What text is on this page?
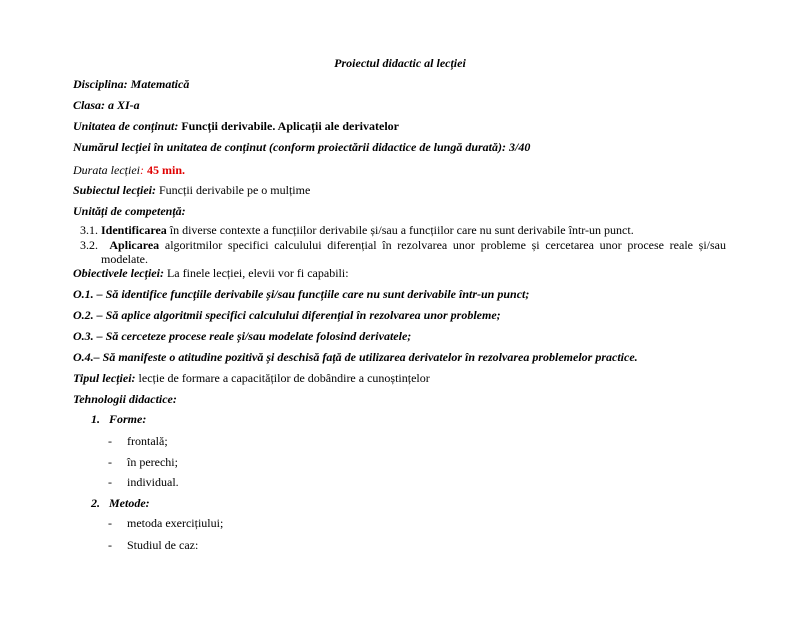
Proiectul didactic al lecției
Disciplina: Matematică
Clasa: a XI-a
Unitatea de conținut: Funcții derivabile. Aplicații ale derivatelor
Numărul lecției în unitatea de conținut (conform proiectării didactice de lungă durată): 3/40
Durata lecției: 45 min.
Subiectul lecției: Funcții derivabile pe o mulțime
Unități de competență:
3.1. Identificarea în diverse contexte a funcțiilor derivabile și/sau a funcțiilor care nu sunt derivabile într-un punct.
3.2. Aplicarea algoritmilor specifici calculului diferențial în rezolvarea unor probleme și cercetarea unor procese reale și/sau
modelate.
Obiectivele lecției: La finele lecției, elevii vor fi capabili:
O.1. – Să identifice funcțiile derivabile și/sau funcțiile care nu sunt derivabile într-un punct;
O.2. – Să aplice algoritmii specifici calculului diferențial în rezolvarea unor probleme;
O.3. – Să cerceteze procese reale și/sau modelate folosind derivatele;
O.4.– Să manifeste o atitudine pozitivă și deschisă față de utilizarea derivatelor în rezolvarea problemelor practice.
Tipul lecției: lecție de formare a capacităților de dobândire a cunoștințelor
Tehnologii didactice:
1. Forme:
- frontală;
- în perechi;
- individual.
2. Metode:
- metoda exercițiului;
- Studiul de caz:
